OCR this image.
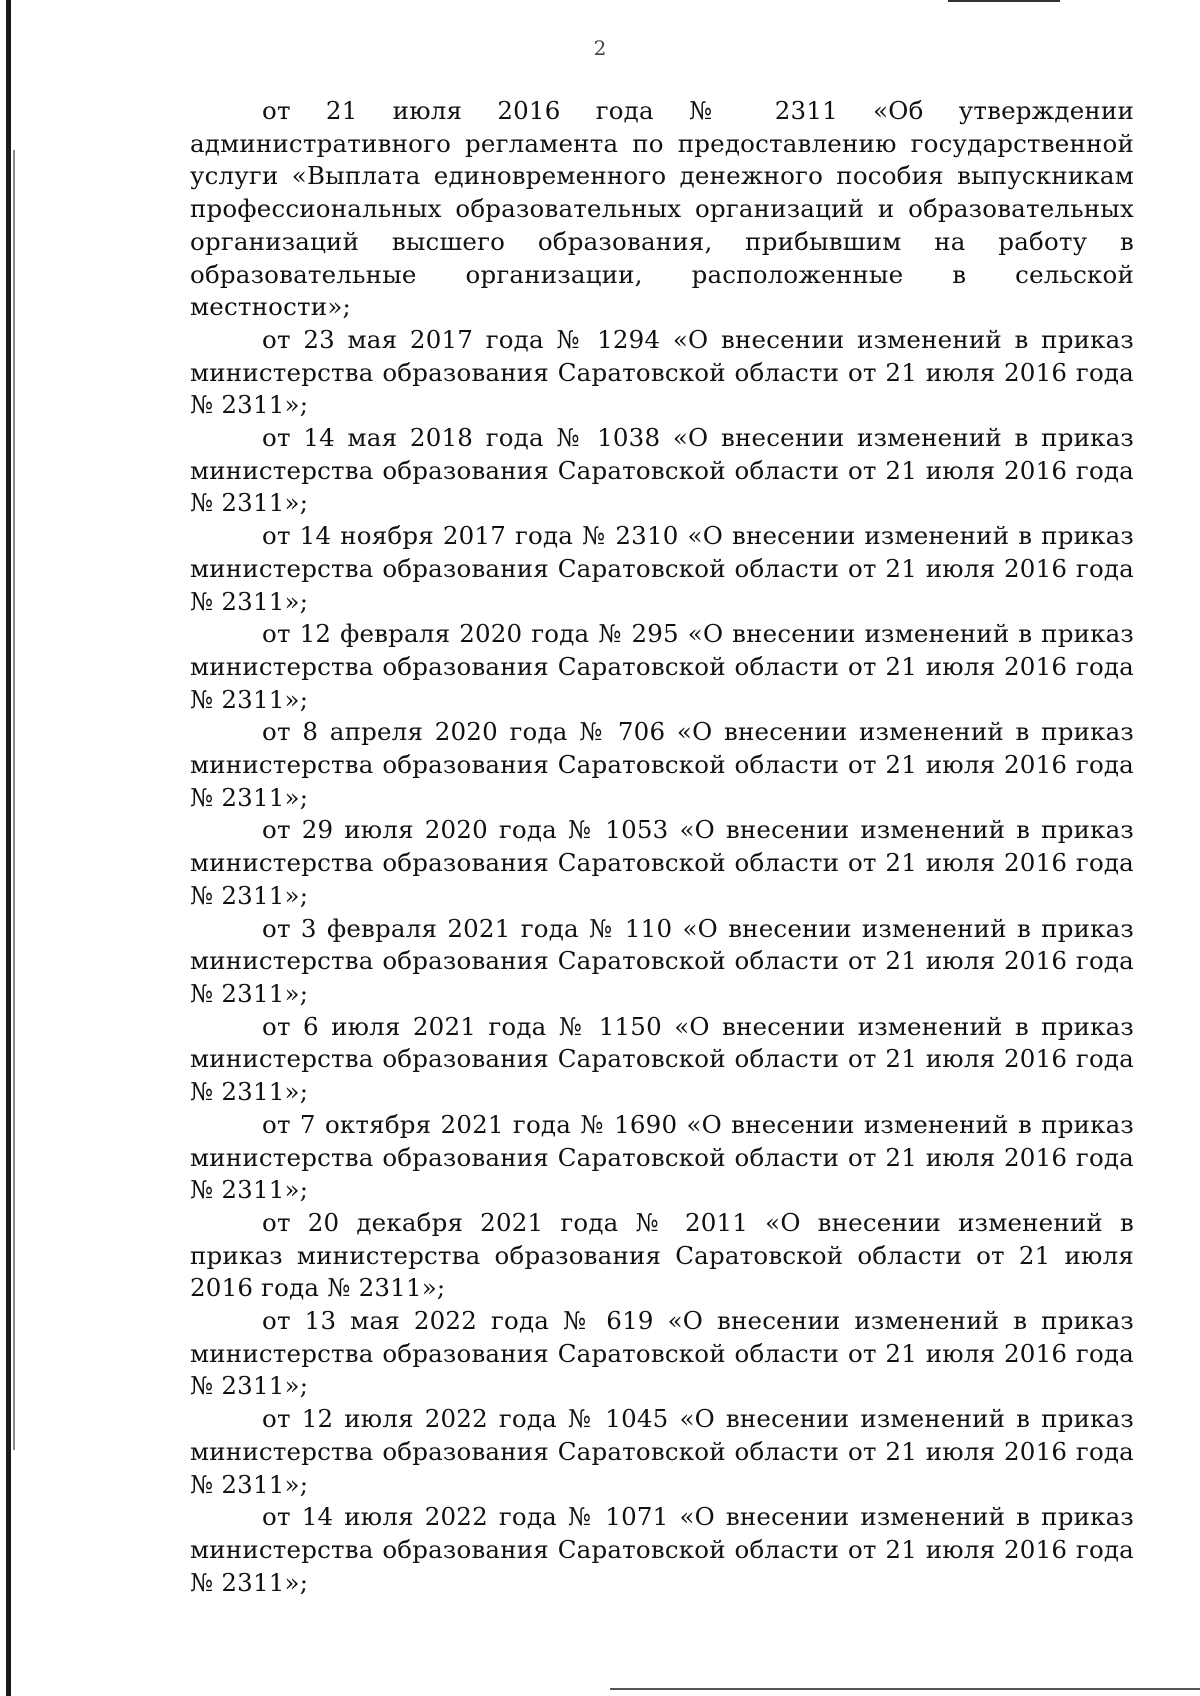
2

от 21 июля 2016 года № 2311 «Об утверждении административного регламента по предоставлению государственной услуги «Выплата единовременного денежного пособия выпускникам профессиональных образовательных организаций и образовательных организаций высшего образования, прибывшим на работу в образовательные организации, расположенные в сельской местности»;

от 23 мая 2017 года № 1294 «О внесении изменений в приказ министерства образования Саратовской области от 21 июля 2016 года № 2311»;

от 14 мая 2018 года № 1038 «О внесении изменений в приказ министерства образования Саратовской области от 21 июля 2016 года № 2311»;

от 14 ноября 2017 года № 2310 «О внесении изменений в приказ министерства образования Саратовской области от 21 июля 2016 года № 2311»;

от 12 февраля 2020 года № 295 «О внесении изменений в приказ министерства образования Саратовской области от 21 июля 2016 года № 2311»;

от 8 апреля 2020 года № 706 «О внесении изменений в приказ министерства образования Саратовской области от 21 июля 2016 года № 2311»;

от 29 июля 2020 года № 1053 «О внесении изменений в приказ министерства образования Саратовской области от 21 июля 2016 года № 2311»;

от 3 февраля 2021 года № 110 «О внесении изменений в приказ министерства образования Саратовской области от 21 июля 2016 года № 2311»;

от 6 июля 2021 года № 1150 «О внесении изменений в приказ министерства образования Саратовской области от 21 июля 2016 года № 2311»;

от 7 октября 2021 года № 1690 «О внесении изменений в приказ министерства образования Саратовской области от 21 июля 2016 года № 2311»;

от 20 декабря 2021 года № 2011 «О внесении изменений в приказ министерства образования Саратовской области от 21 июля 2016 года № 2311»;

от 13 мая 2022 года № 619 «О внесении изменений в приказ министерства образования Саратовской области от 21 июля 2016 года № 2311»;

от 12 июля 2022 года № 1045 «О внесении изменений в приказ министерства образования Саратовской области от 21 июля 2016 года № 2311»;

от 14 июля 2022 года № 1071 «О внесении изменений в приказ министерства образования Саратовской области от 21 июля 2016 года № 2311»;
